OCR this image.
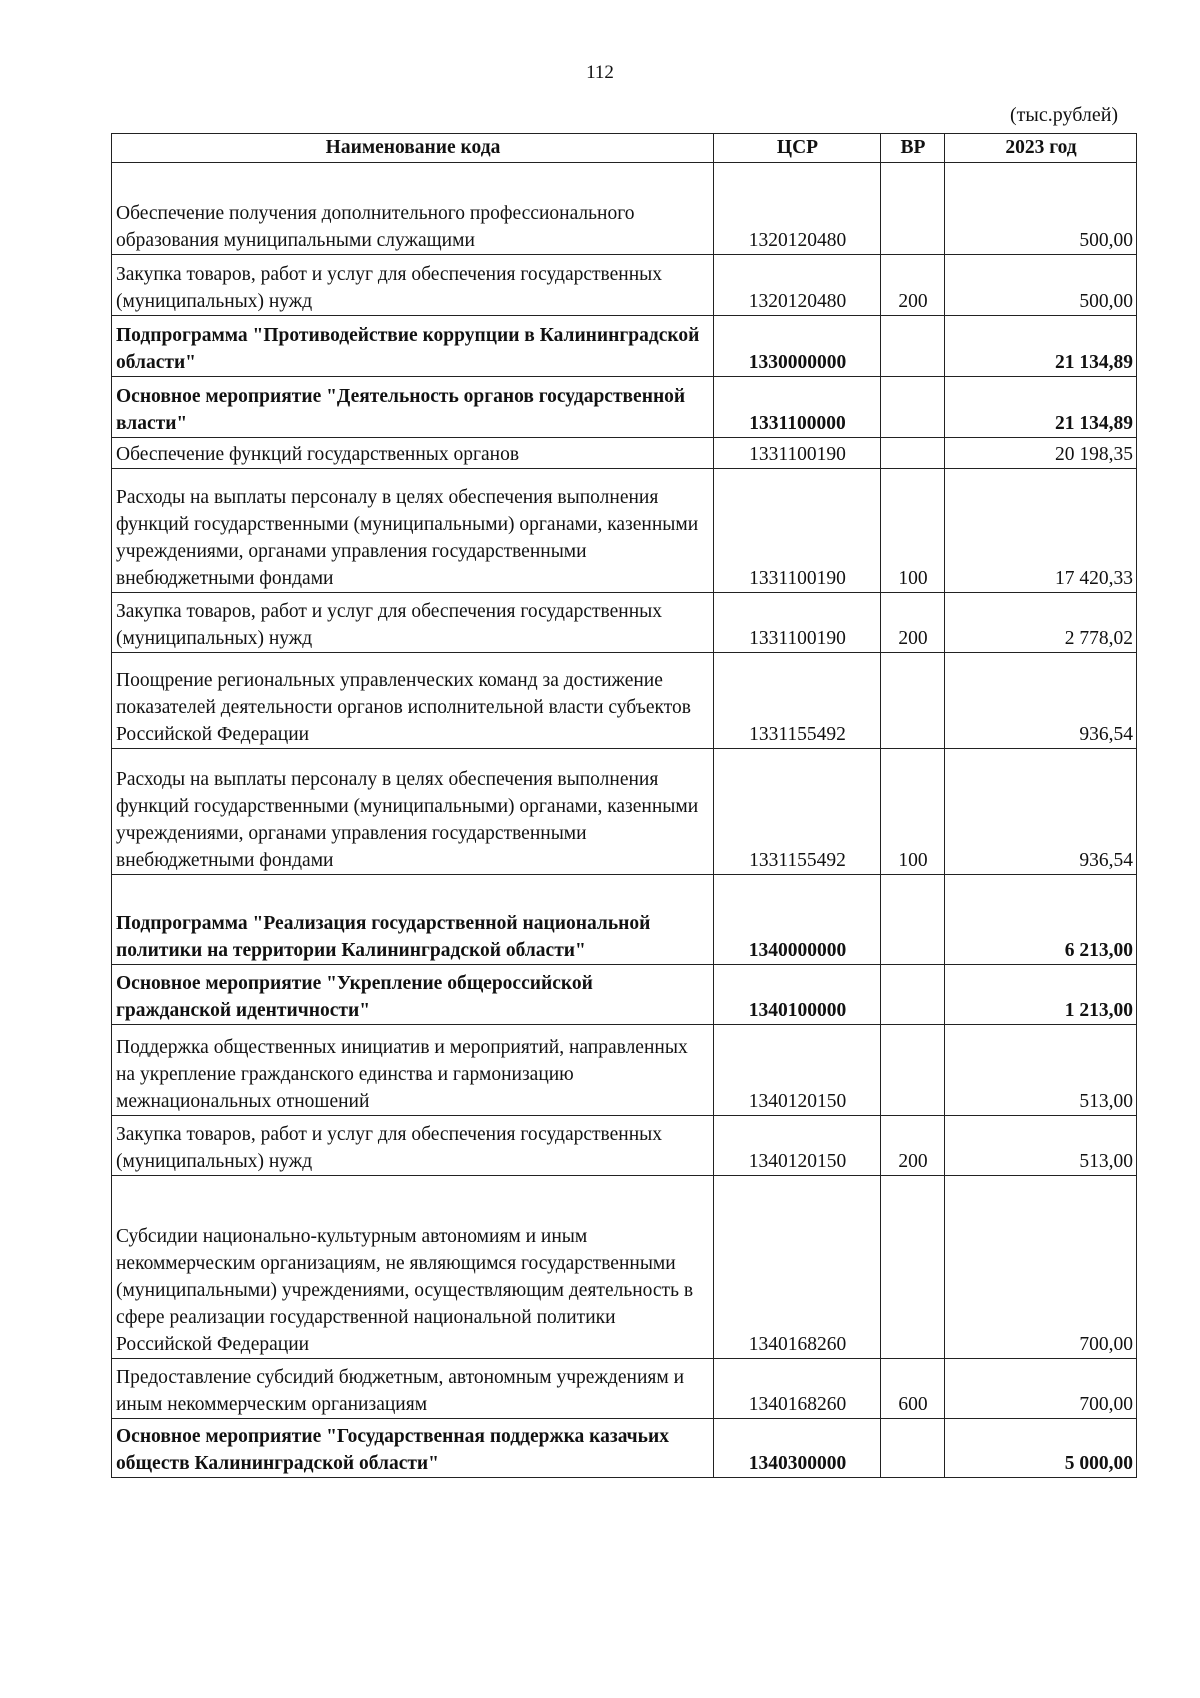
112
(тыс.рублей)
Наименование кода	ЦСР	ВР	2023 год
Обеспечение получения дополнительного профессионального образования муниципальными служащими	1320120480		500,00
Закупка товаров, работ и услуг для обеспечения государственных (муниципальных) нужд	1320120480	200	500,00
Подпрограмма "Противодействие коррупции в Калининградской области"	1330000000		21 134,89
Основное мероприятие "Деятельность органов государственной власти"	1331100000		21 134,89
Обеспечение функций государственных органов	1331100190		20 198,35
Расходы на выплаты персоналу в целях обеспечения выполнения функций государственными (муниципальными) органами, казенными учреждениями, органами управления государственными внебюджетными фондами	1331100190	100	17 420,33
Закупка товаров, работ и услуг для обеспечения государственных (муниципальных) нужд	1331100190	200	2 778,02
Поощрение региональных управленческих команд за достижение показателей деятельности органов исполнительной власти субъектов Российской Федерации	1331155492		936,54
Расходы на выплаты персоналу в целях обеспечения выполнения функций государственными (муниципальными) органами, казенными учреждениями, органами управления государственными внебюджетными фондами	1331155492	100	936,54
Подпрограмма "Реализация государственной национальной политики на территории Калининградской области"	1340000000		6 213,00
Основное мероприятие "Укрепление общероссийской гражданской идентичности"	1340100000		1 213,00
Поддержка общественных инициатив и мероприятий, направленных на укрепление гражданского единства и гармонизацию межнациональных отношений	1340120150		513,00
Закупка товаров, работ и услуг для обеспечения государственных (муниципальных) нужд	1340120150	200	513,00
Субсидии национально-культурным автономиям и иным некоммерческим организациям, не являющимся государственными (муниципальными) учреждениями, осуществляющим деятельность в сфере реализации государственной национальной политики Российской Федерации	1340168260		700,00
Предоставление субсидий бюджетным, автономным учреждениям и иным некоммерческим организациям	1340168260	600	700,00
Основное мероприятие "Государственная поддержка казачьих обществ Калининградской области"	1340300000		5 000,00
